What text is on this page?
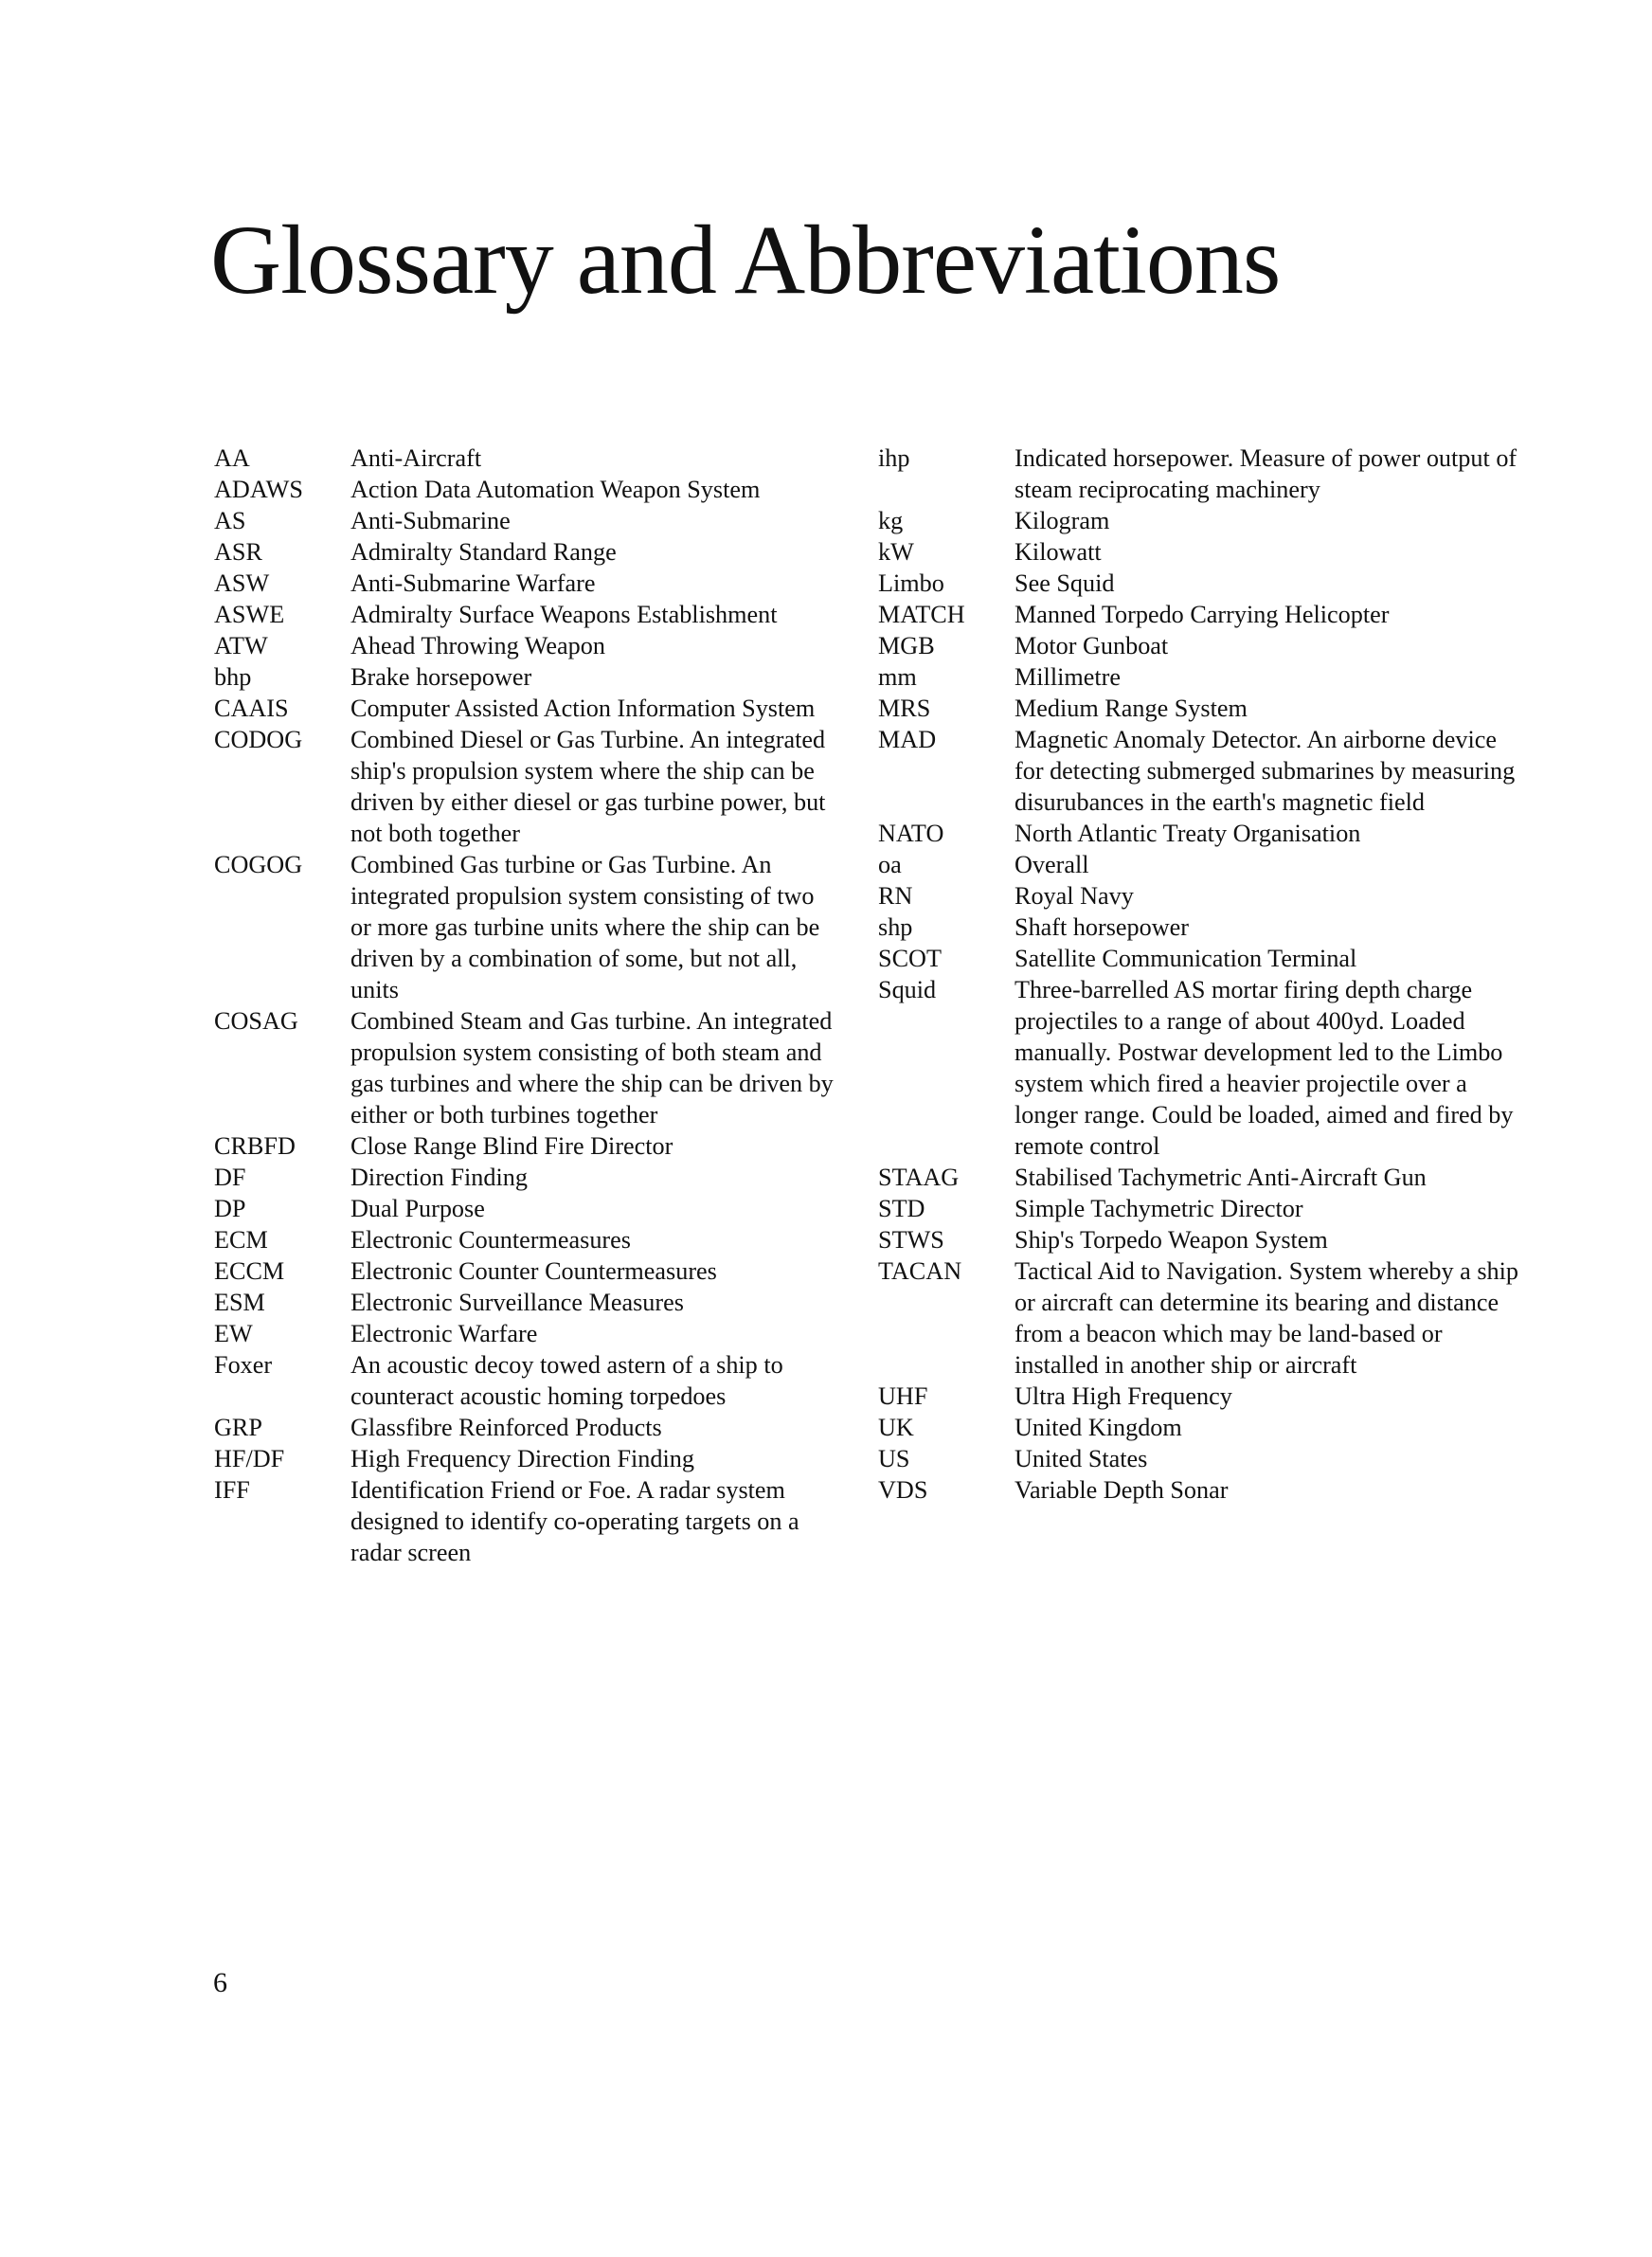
Glossary and Abbreviations
AA	Anti-Aircraft
ADAWS	Action Data Automation Weapon System
AS	Anti-Submarine
ASR	Admiralty Standard Range
ASW	Anti-Submarine Warfare
ASWE	Admiralty Surface Weapons Establishment
ATW	Ahead Throwing Weapon
bhp	Brake horsepower
CAAIS	Computer Assisted Action Information System
CODOG	Combined Diesel or Gas Turbine. An integrated ship's propulsion system where the ship can be driven by either diesel or gas turbine power, but not both together
COGOG	Combined Gas turbine or Gas Turbine. An integrated propulsion system consisting of two or more gas turbine units where the ship can be driven by a combination of some, but not all, units
COSAG	Combined Steam and Gas turbine. An integrated propulsion system consisting of both steam and gas turbines and where the ship can be driven by either or both turbines together
CRBFD	Close Range Blind Fire Director
DF	Direction Finding
DP	Dual Purpose
ECM	Electronic Countermeasures
ECCM	Electronic Counter Countermeasures
ESM	Electronic Surveillance Measures
EW	Electronic Warfare
Foxer	An acoustic decoy towed astern of a ship to counteract acoustic homing torpedoes
GRP	Glassfibre Reinforced Products
HF/DF	High Frequency Direction Finding
IFF	Identification Friend or Foe. A radar system designed to identify co-operating targets on a radar screen
ihp	Indicated horsepower. Measure of power output of steam reciprocating machinery
kg	Kilogram
kW	Kilowatt
Limbo	See Squid
MATCH	Manned Torpedo Carrying Helicopter
MGB	Motor Gunboat
mm	Millimetre
MRS	Medium Range System
MAD	Magnetic Anomaly Detector. An airborne device for detecting submerged submarines by measuring disurubances in the earth's magnetic field
NATO	North Atlantic Treaty Organisation
oa	Overall
RN	Royal Navy
shp	Shaft horsepower
SCOT	Satellite Communication Terminal
Squid	Three-barrelled AS mortar firing depth charge projectiles to a range of about 400yd. Loaded manually. Postwar development led to the Limbo system which fired a heavier projectile over a longer range. Could be loaded, aimed and fired by remote control
STAAG	Stabilised Tachymetric Anti-Aircraft Gun
STD	Simple Tachymetric Director
STWS	Ship's Torpedo Weapon System
TACAN	Tactical Aid to Navigation. System whereby a ship or aircraft can determine its bearing and distance from a beacon which may be land-based or installed in another ship or aircraft
UHF	Ultra High Frequency
UK	United Kingdom
US	United States
VDS	Variable Depth Sonar
6
